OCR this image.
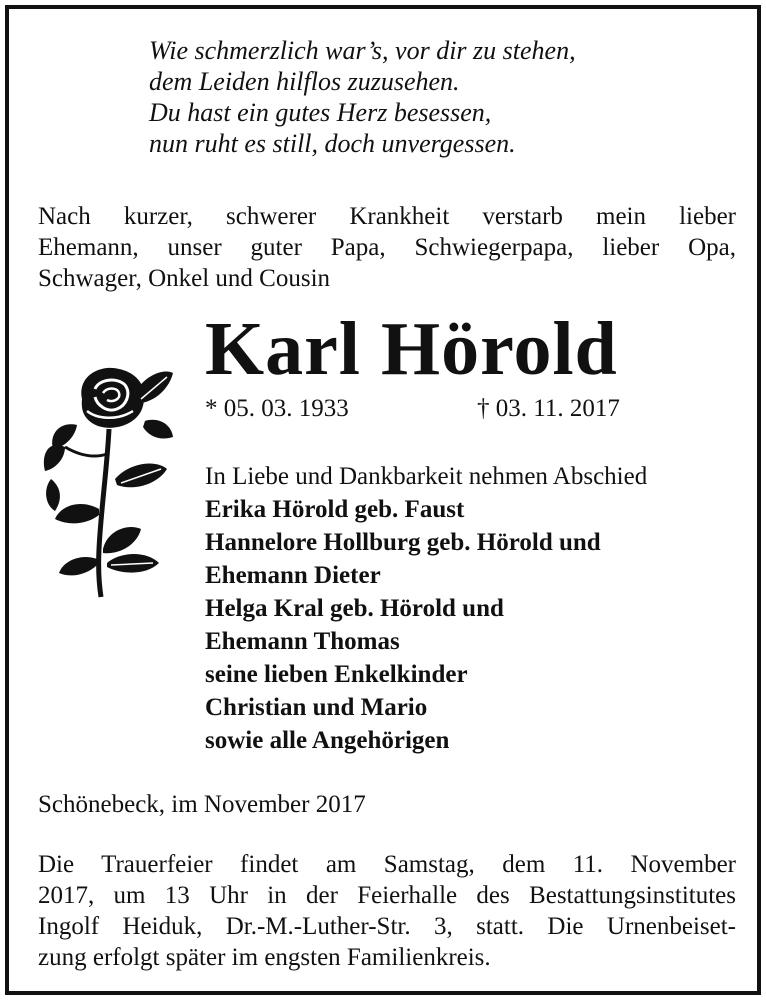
Wie schmerzlich war’s, vor dir zu stehen,
dem Leiden hilflos zuzusehen.
Du hast ein gutes Herz besessen,
nun ruht es still, doch unvergessen.
Nach kurzer, schwerer Krankheit verstarb mein lieber
Ehemann, unser guter Papa, Schwiegerpapa, lieber Opa,
Schwager, Onkel und Cousin
Karl Hörold
* 05. 03. 1933	† 03. 11. 2017
In Liebe und Dankbarkeit nehmen Abschied
Erika Hörold geb. Faust
Hannelore Hollburg geb. Hörold und
Ehemann Dieter
Helga Kral geb. Hörold und
Ehemann Thomas
seine lieben Enkelkinder
Christian und Mario
sowie alle Angehörigen
Schönebeck, im November 2017
Die Trauerfeier findet am Samstag, dem 11. November
2017, um 13 Uhr in der Feierhalle des Bestattungsinstitutes
Ingolf Heiduk, Dr.-M.-Luther-Str. 3, statt. Die Urnenbeiset-
zung erfolgt später im engsten Familienkreis.
